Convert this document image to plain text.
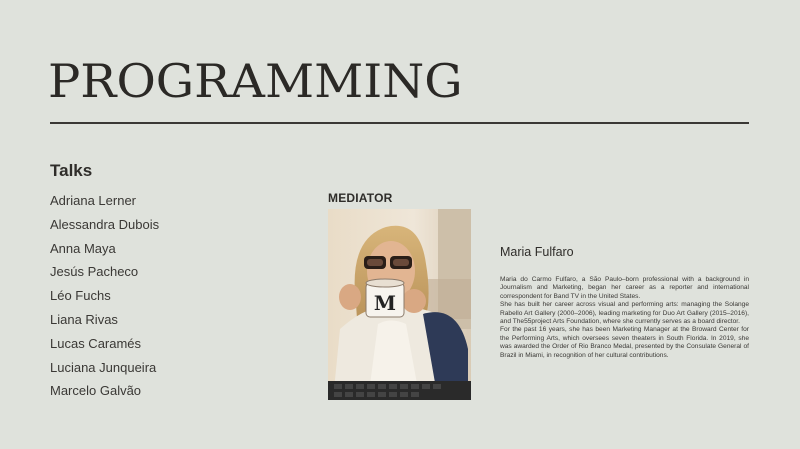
PROGRAMMING
Talks
Adriana Lerner
Alessandra Dubois
Anna Maya
Jesús Pacheco
Léo Fuchs
Liana Rivas
Lucas Caramés
Luciana Junqueira
Marcelo Galvão
MEDIATOR
M
Maria Fulfaro

Maria do Carmo Fulfaro, a São Paulo–born professional with a background in Journalism and Marketing, began her career as a reporter and international correspondent for Band TV in the United States.

She has built her career across visual and performing arts: managing the Solange Rabello Art Gallery (2000–2006), leading marketing for Duo Art Gallery (2015–2016), and The55project Arts Foundation, where she currently serves as a board director.

For the past 16 years, she has been Marketing Manager at the Broward Center for the Performing Arts, which oversees seven theaters in South Florida. In 2019, she was awarded the Order of Rio Branco Medal, presented by the Consulate General of Brazil in Miami, in recognition of her cultural contributions.
